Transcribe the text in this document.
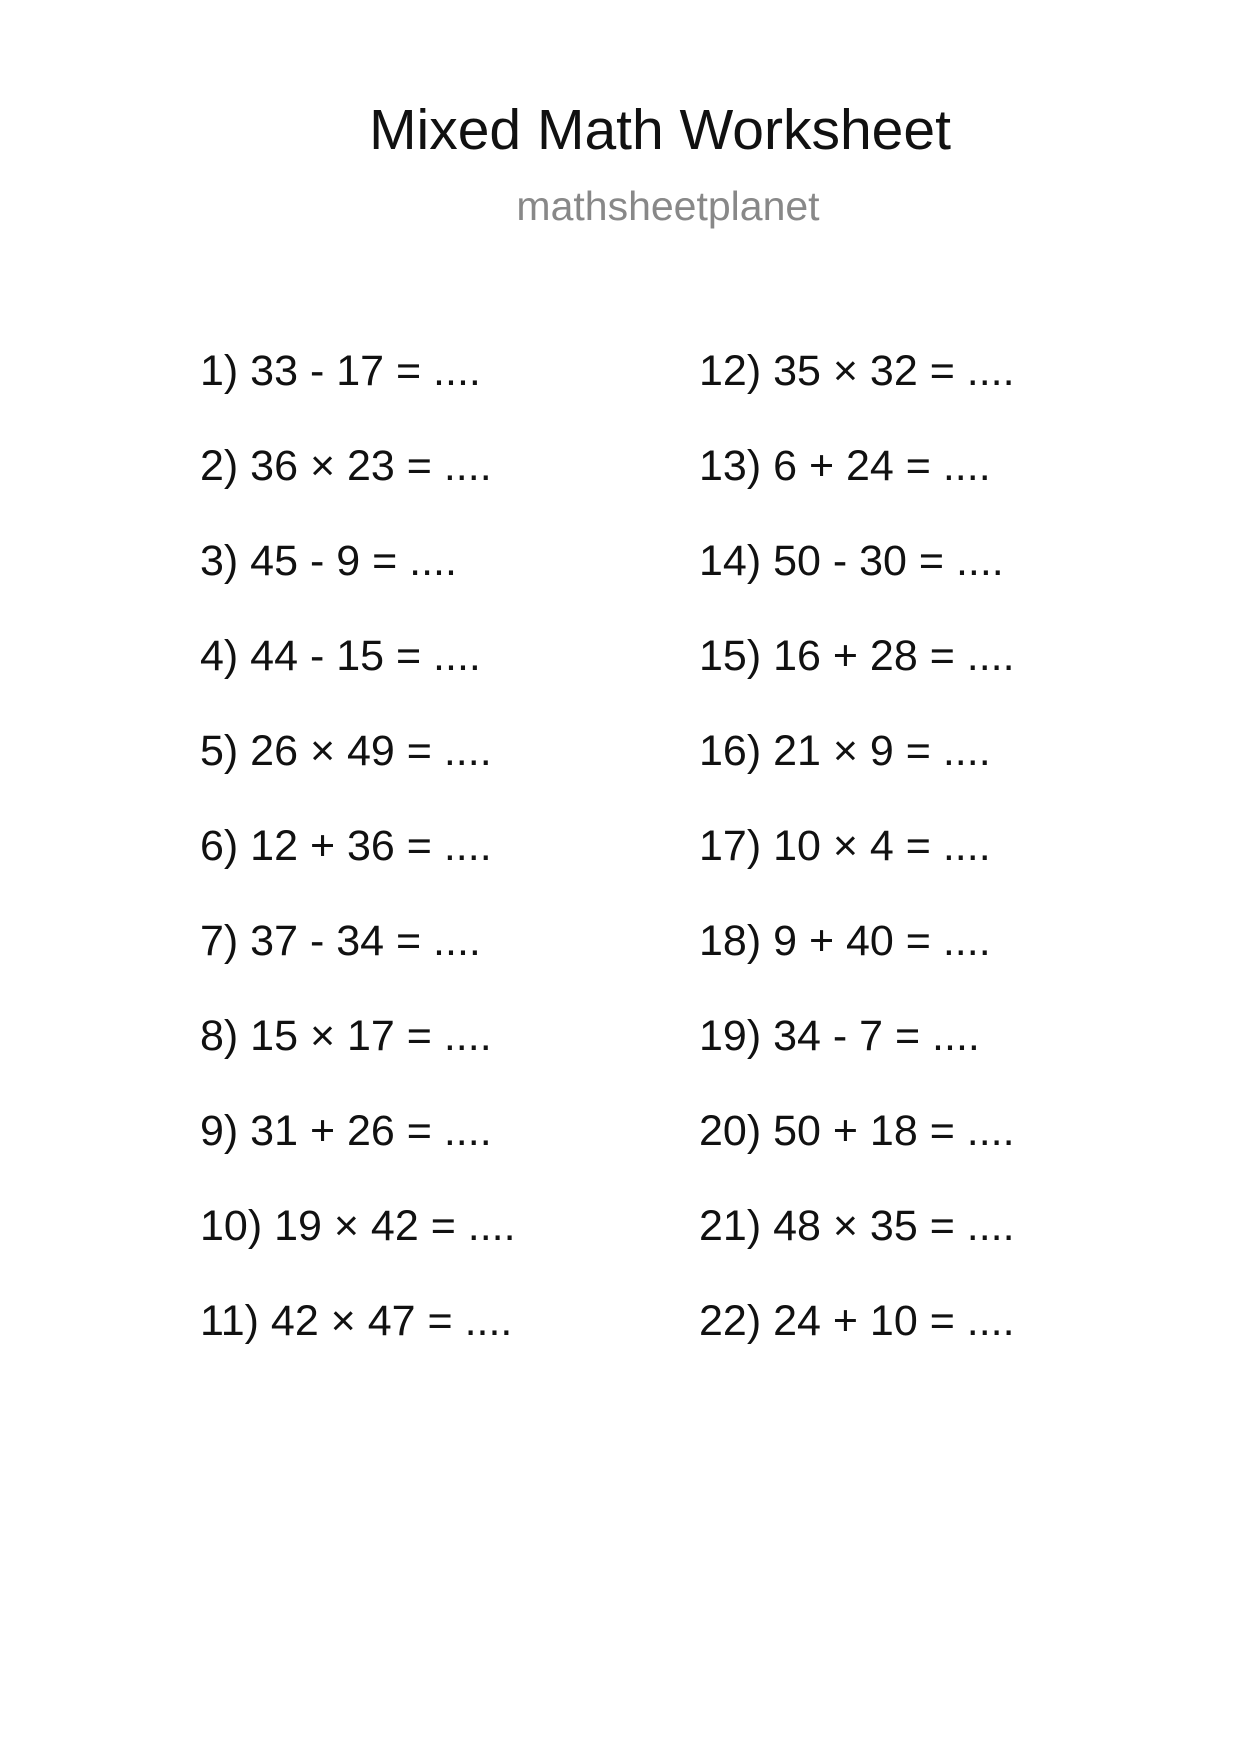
Mixed Math Worksheet
mathsheetplanet
1) 33 - 17 = ....
2) 36 × 23 = ....
3) 45 - 9 = ....
4) 44 - 15 = ....
5) 26 × 49 = ....
6) 12 + 36 = ....
7) 37 - 34 = ....
8) 15 × 17 = ....
9) 31 + 26 = ....
10) 19 × 42 = ....
11) 42 × 47 = ....
12) 35 × 32 = ....
13) 6 + 24 = ....
14) 50 - 30 = ....
15) 16 + 28 = ....
16) 21 × 9 = ....
17) 10 × 4 = ....
18) 9 + 40 = ....
19) 34 - 7 = ....
20) 50 + 18 = ....
21) 48 × 35 = ....
22) 24 + 10 = ....
